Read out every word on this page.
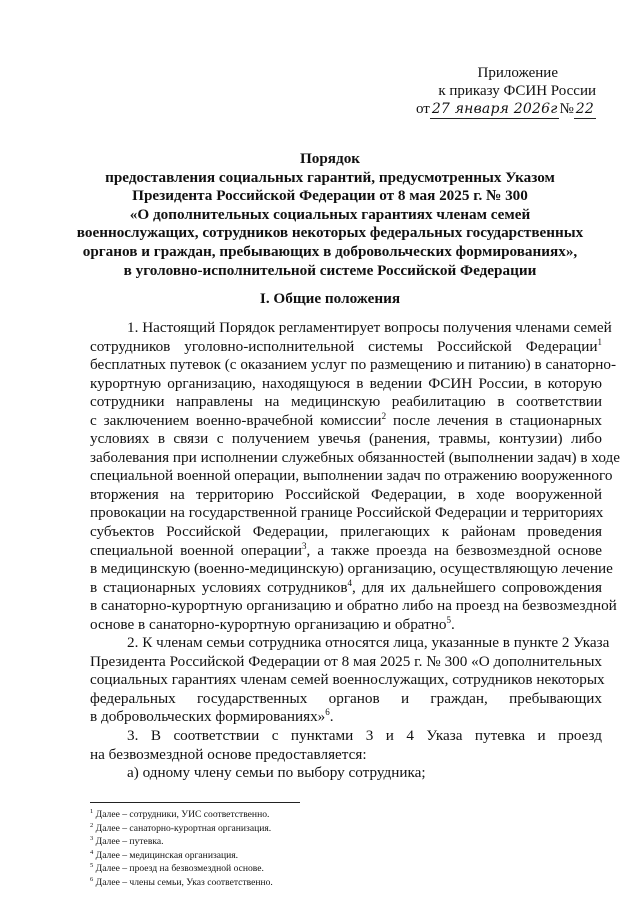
Приложение
к приказу ФСИН России
от 27 января 2026г № 22
Порядок
предоставления социальных гарантий, предусмотренных Указом
Президента Российской Федерации от 8 мая 2025 г. № 300
«О дополнительных социальных гарантиях членам семей
военнослужащих, сотрудников некоторых федеральных государственных
органов и граждан, пребывающих в добровольческих формированиях»,
в уголовно-исполнительной системе Российской Федерации
I. Общие положения
1. Настоящий Порядок регламентирует вопросы получения членами семей
сотрудников уголовно-исполнительной системы Российской Федерации$^1$
бесплатных путевок (с оказанием услуг по размещению и питанию) в санаторно-
курортную организацию, находящуюся в ведении ФСИН России, в которую
сотрудники направлены на медицинскую реабилитацию в соответствии
с заключением военно-врачебной комиссии$^2$ после лечения в стационарных
условиях в связи с получением увечья (ранения, травмы, контузии) либо
заболевания при исполнении служебных обязанностей (выполнении задач) в ходе
специальной военной операции, выполнении задач по отражению вооруженного
вторжения на территорию Российской Федерации, в ходе вооруженной
провокации на государственной границе Российской Федерации и территориях
субъектов Российской Федерации, прилегающих к районам проведения
специальной военной операции$^3$, а также проезда на безвозмездной основе
в медицинскую (военно-медицинскую) организацию, осуществляющую лечение
в стационарных условиях сотрудников$^4$, для их дальнейшего сопровождения
в санаторно-курортную организацию и обратно либо на проезд на безвозмездной
основе в санаторно-курортную организацию и обратно$^5$.
2. К членам семьи сотрудника относятся лица, указанные в пункте 2 Указа
Президента Российской Федерации от 8 мая 2025 г. № 300 «О дополнительных
социальных гарантиях членам семей военнослужащих, сотрудников некоторых
федеральных государственных органов и граждан, пребывающих
в добровольческих формированиях»$^6$.
3. В соответствии с пунктами 3 и 4 Указа путевка и проезд
на безвозмездной основе предоставляется:
а) одному члену семьи по выбору сотрудника;
$^1$ Далее – сотрудники, УИС соответственно.
$^2$ Далее – санаторно-курортная организация.
$^3$ Далее – путевка.
$^4$ Далее – медицинская организация.
$^5$ Далее – проезд на безвозмездной основе.
$^6$ Далее – члены семьи, Указ соответственно.
